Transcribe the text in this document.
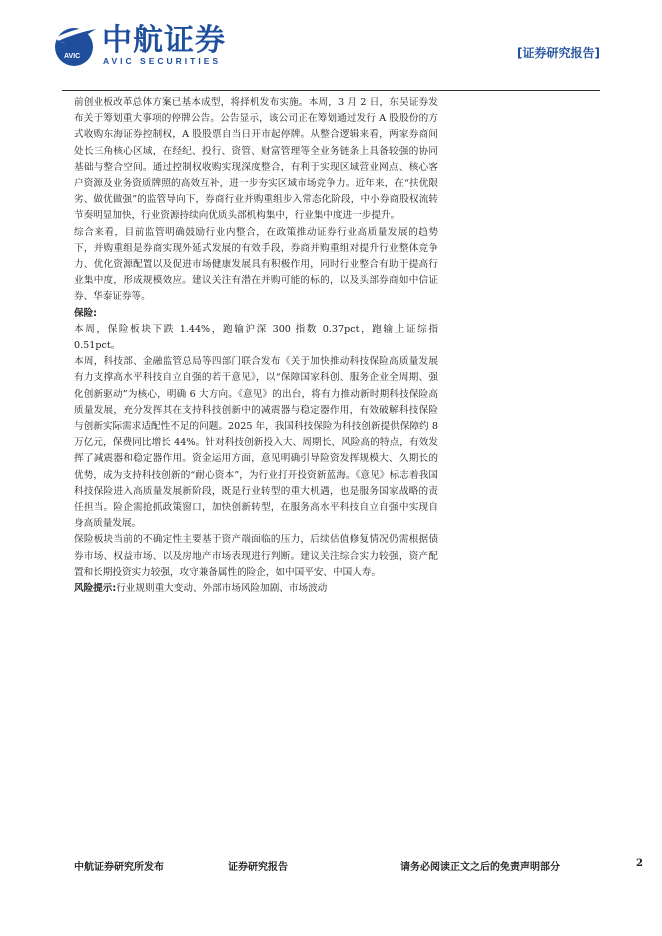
AVIC 中航证券
AVIC SECURITIES
[证券研究报告]

前创业板改革总体方案已基本成型，将择机发布实施。本周，3 月 2 日，东吴证券发布关于筹划重大事项的停牌公告。公告显示，该公司正在筹划通过发行 A 股股份的方式收购东海证券控制权，A 股股票自当日开市起停牌。从整合逻辑来看，两家券商间处长三角核心区域，在经纪、投行、资管、财富管理等全业务链条上具备较强的协同基础与整合空间。通过控制权收购实现深度整合，有利于实现区域营业网点、核心客户资源及业务资质牌照的高效互补，进一步夯实区域市场竞争力。近年来，在“扶优限劣、做优做强”的监管导向下，券商行业并购重组步入常态化阶段，中小券商股权流转节奏明显加快，行业资源持续向优质头部机构集中，行业集中度进一步提升。

综合来看，目前监管明确鼓励行业内整合，在政策推动证券行业高质量发展的趋势下，并购重组是券商实现外延式发展的有效手段，券商并购重组对提升行业整体竞争力、优化资源配置以及促进市场健康发展具有积极作用，同时行业整合有助于提高行业集中度，形成规模效应。建议关注有潜在并购可能的标的，以及头部券商如中信证券、华泰证券等。

保险:

本周，保险板块下跌 1.44%，跑输沪深 300 指数 0.37pct，跑输上证综指 0.51pct。

本周，科技部、金融监管总局等四部门联合发布《关于加快推动科技保险高质量发展 有力支撑高水平科技自立自强的若干意见》，以“保障国家科创、服务企业全周期、强化创新驱动”为核心，明确 6 大方向。《意见》的出台，将有力推动新时期科技保险高质量发展，充分发挥其在支持科技创新中的减震器与稳定器作用，有效破解科技保险与创新实际需求适配性不足的问题。2025 年，我国科技保险为科技创新提供保障约 8 万亿元，保费同比增长 44%。针对科技创新投入大、周期长、风险高的特点，有效发挥了减震器和稳定器作用。资金运用方面，意见明确引导险资发挥规模大、久期长的优势，成为支持科技创新的“耐心资本”，为行业打开投资新蓝海。《意见》标志着我国科技保险进入高质量发展新阶段，既是行业转型的重大机遇，也是服务国家战略的责任担当。险企需抢抓政策窗口，加快创新转型，在服务高水平科技自立自强中实现自身高质量发展。

保险板块当前的不确定性主要基于资产端面临的压力，后续估值修复情况仍需根据债券市场、权益市场、以及房地产市场表现进行判断。建议关注综合实力较强，资产配置和长期投资实力较强，攻守兼备属性的险企，如中国平安、中国人寿。

风险提示:行业规则重大变动、外部市场风险加剧、市场波动

中航证券研究所发布	证券研究报告	请务必阅读正文之后的免责声明部分	2
